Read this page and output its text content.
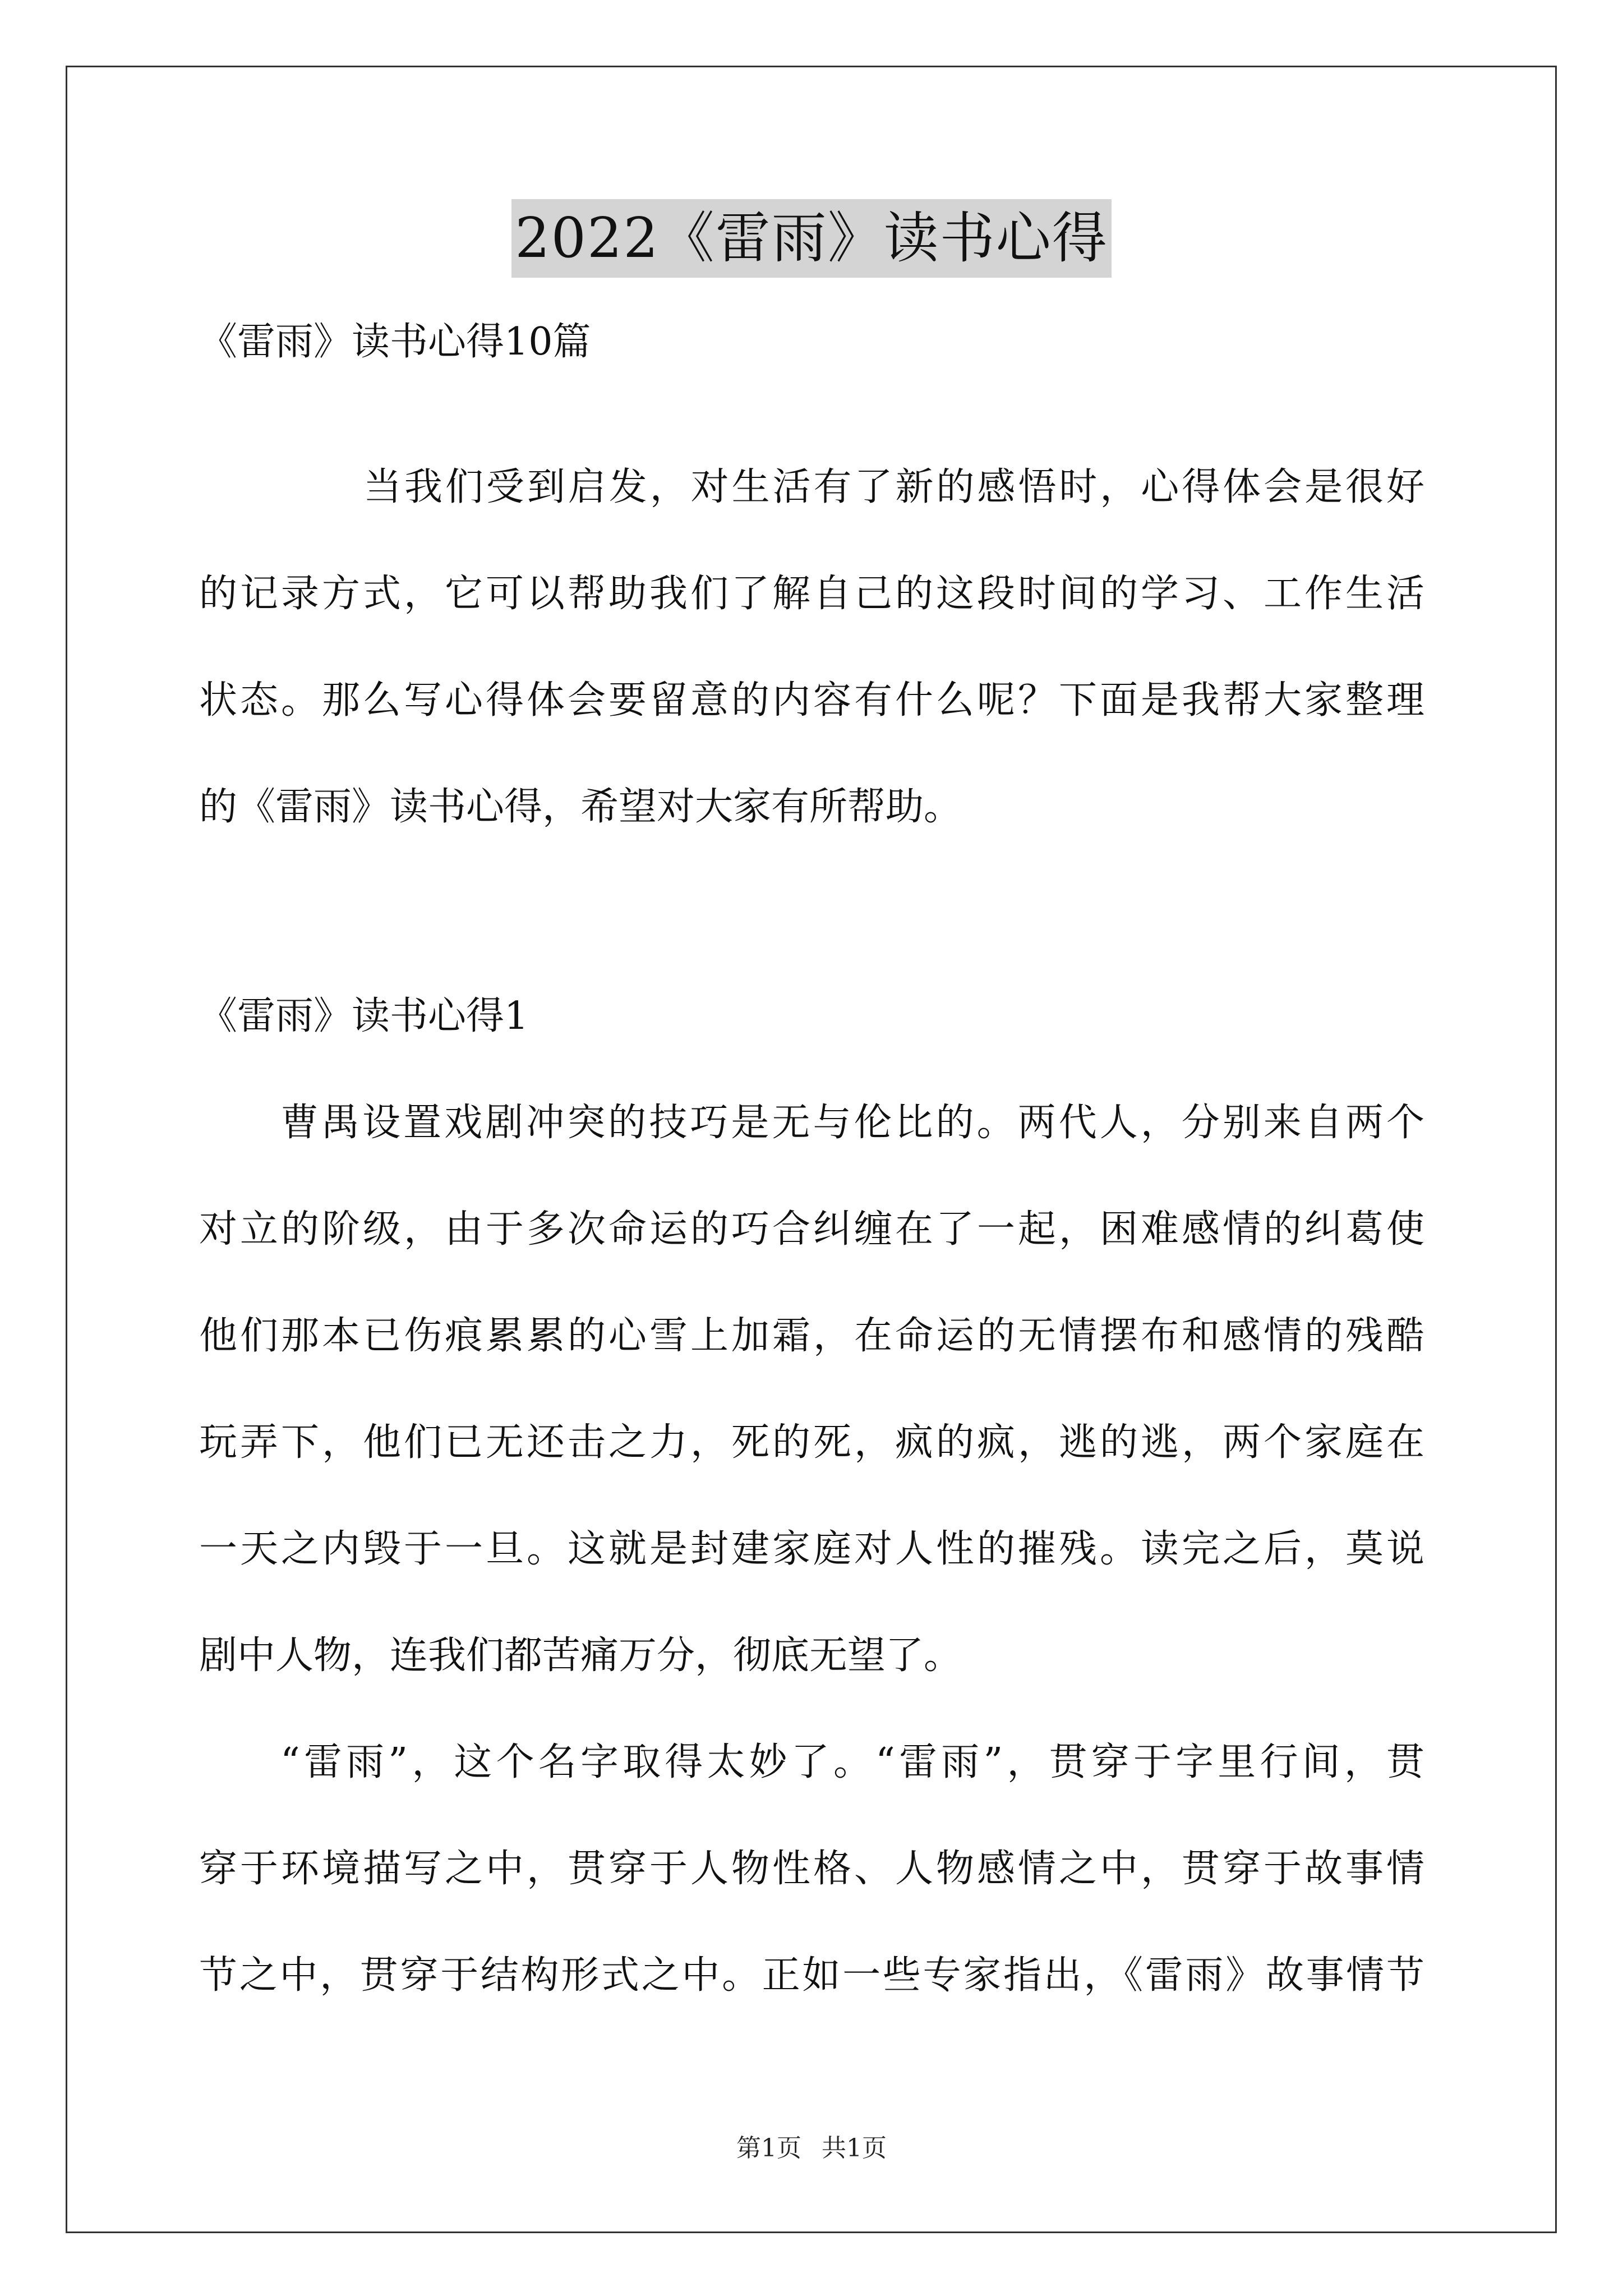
2022《雷雨》读书心得
《雷雨》读书心得10篇
当我们受到启发，对生活有了新的感悟时，心得体会是很好
的记录方式，它可以帮助我们了解自己的这段时间的学习、工作生活
状态。那么写心得体会要留意的内容有什么呢？下面是我帮大家整理
的《雷雨》读书心得，希望对大家有所帮助。
《雷雨》读书心得1
曹禺设置戏剧冲突的技巧是无与伦比的。两代人，分别来自两个
对立的阶级，由于多次命运的巧合纠缠在了一起，困难感情的纠葛使
他们那本已伤痕累累的心雪上加霜，在命运的无情摆布和感情的残酷
玩弄下，他们已无还击之力，死的死，疯的疯，逃的逃，两个家庭在
一天之内毁于一旦。这就是封建家庭对人性的摧残。读完之后，莫说
剧中人物，连我们都苦痛万分，彻底无望了。
“雷雨”，这个名字取得太妙了。“雷雨”，贯穿于字里行间，贯
穿于环境描写之中，贯穿于人物性格、人物感情之中，贯穿于故事情
节之中，贯穿于结构形式之中。正如一些专家指出，《雷雨》故事情节
第1页 共1页
